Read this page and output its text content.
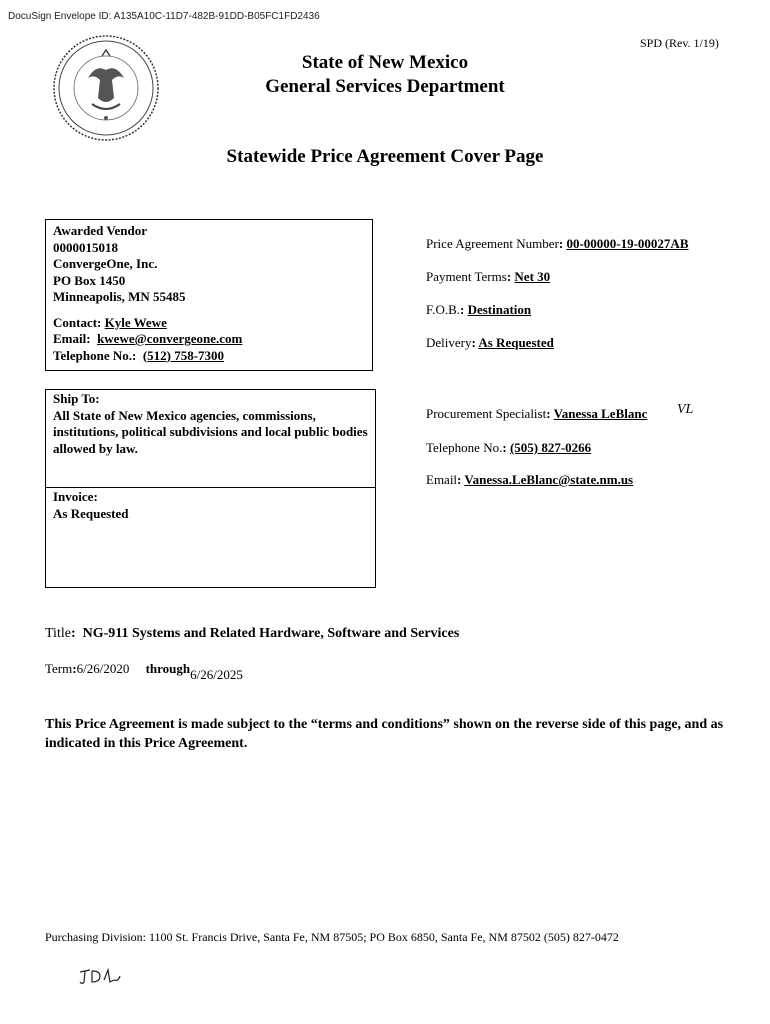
DocuSign Envelope ID: A135A10C-11D7-482B-91DD-B05FC1FD2436
SPD (Rev. 1/19)
State of New Mexico
General Services Department
Statewide Price Agreement Cover Page
Awarded Vendor
0000015018
ConvergeOne, Inc.
PO Box 1450
Minneapolis, MN 55485
Contact: Kyle Wewe
Email: kwewe@convergeone.com
Telephone No.: (512) 758-7300
Ship To:
All State of New Mexico agencies, commissions, institutions, political subdivisions and local public bodies allowed by law.
Invoice:
As Requested
Price Agreement Number: 00-00000-19-00027AB
Payment Terms: Net 30
F.O.B.: Destination
Delivery: As Requested
Procurement Specialist: Vanessa LeBlanc VL
Telephone No.: (505) 827-0266
Email: Vanessa.LeBlanc@state.nm.us
Title: NG-911 Systems and Related Hardware, Software and Services
Term:6/26/2020 through6/26/2025
This Price Agreement is made subject to the “terms and conditions” shown on the reverse side of this page, and as indicated in this Price Agreement.
Purchasing Division: 1100 St. Francis Drive, Santa Fe, NM 87505; PO Box 6850, Santa Fe, NM 87502 (505) 827-0472
